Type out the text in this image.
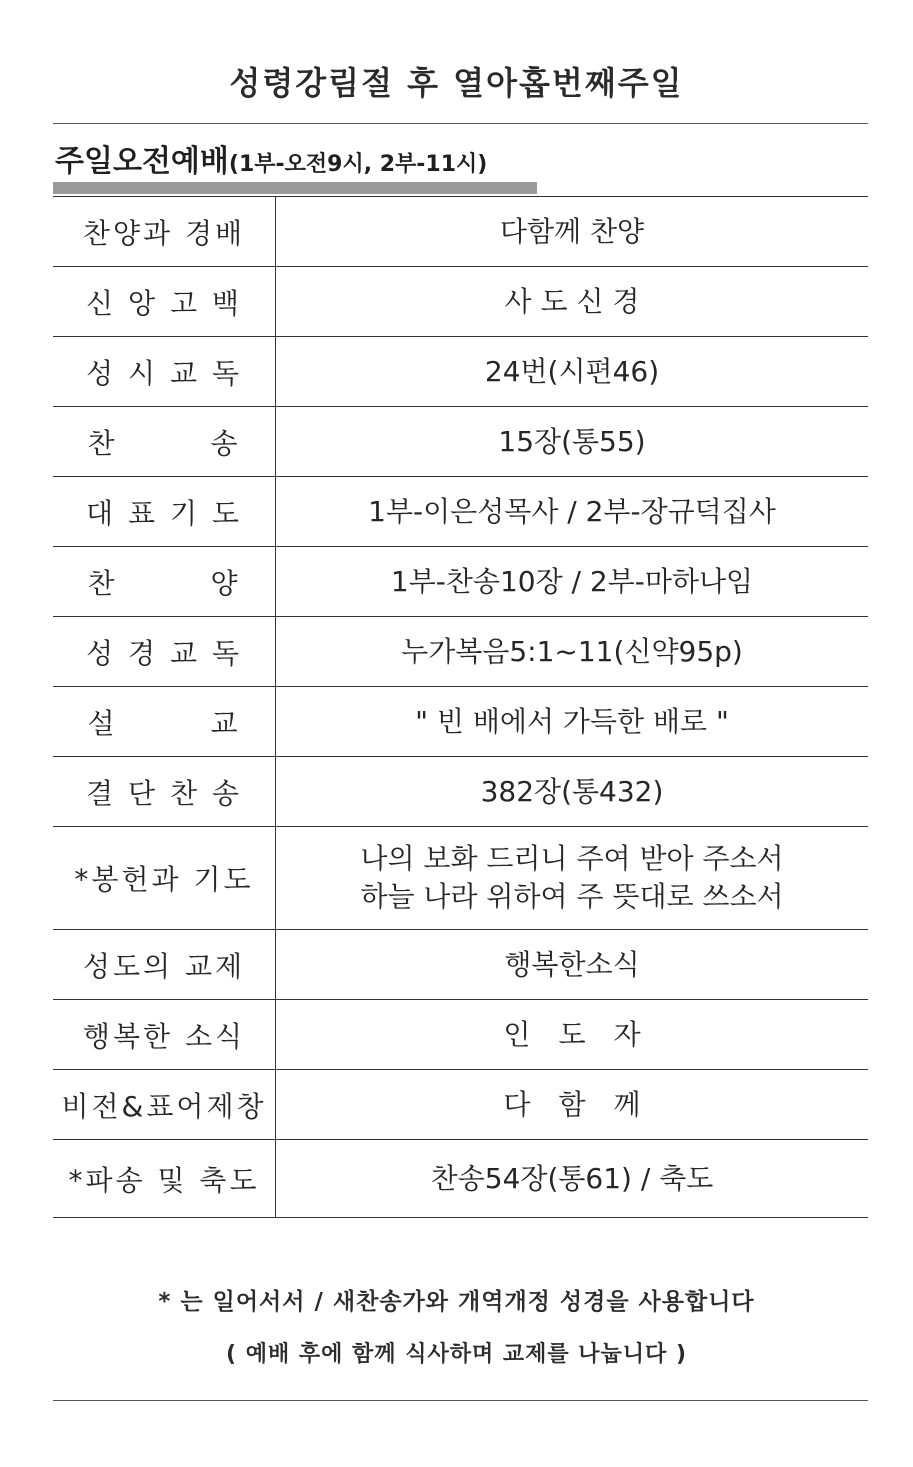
성령강림절 후 열아홉번째주일
주일오전예배(1부-오전9시, 2부-11시)
찬양과 경배	다함께 찬양
신 앙 고 백	사 도 신 경
성 시 교 독	24번(시편46)
찬　　　송	15장(통55)
대 표 기 도	1부-이은성목사 / 2부-장규덕집사
찬　　　양	1부-찬송10장 / 2부-마하나임
성 경 교 독	누가복음5:1~11(신약95p)
설　　　교	" 빈 배에서 가득한 배로 "
결 단 찬 송	382장(통432)
*봉헌과 기도	나의 보화 드리니 주여 받아 주소서
하늘 나라 위하여 주 뜻대로 쓰소서

성도의 교제	행복한소식
행복한 소식	인　도　자
비전&표어제창	다　함　께
*파송 및 축도	찬송54장(통61) / 축도
* 는 일어서서 / 새찬송가와 개역개정 성경을 사용합니다
( 예배 후에 함께 식사하며 교제를 나눕니다 )
